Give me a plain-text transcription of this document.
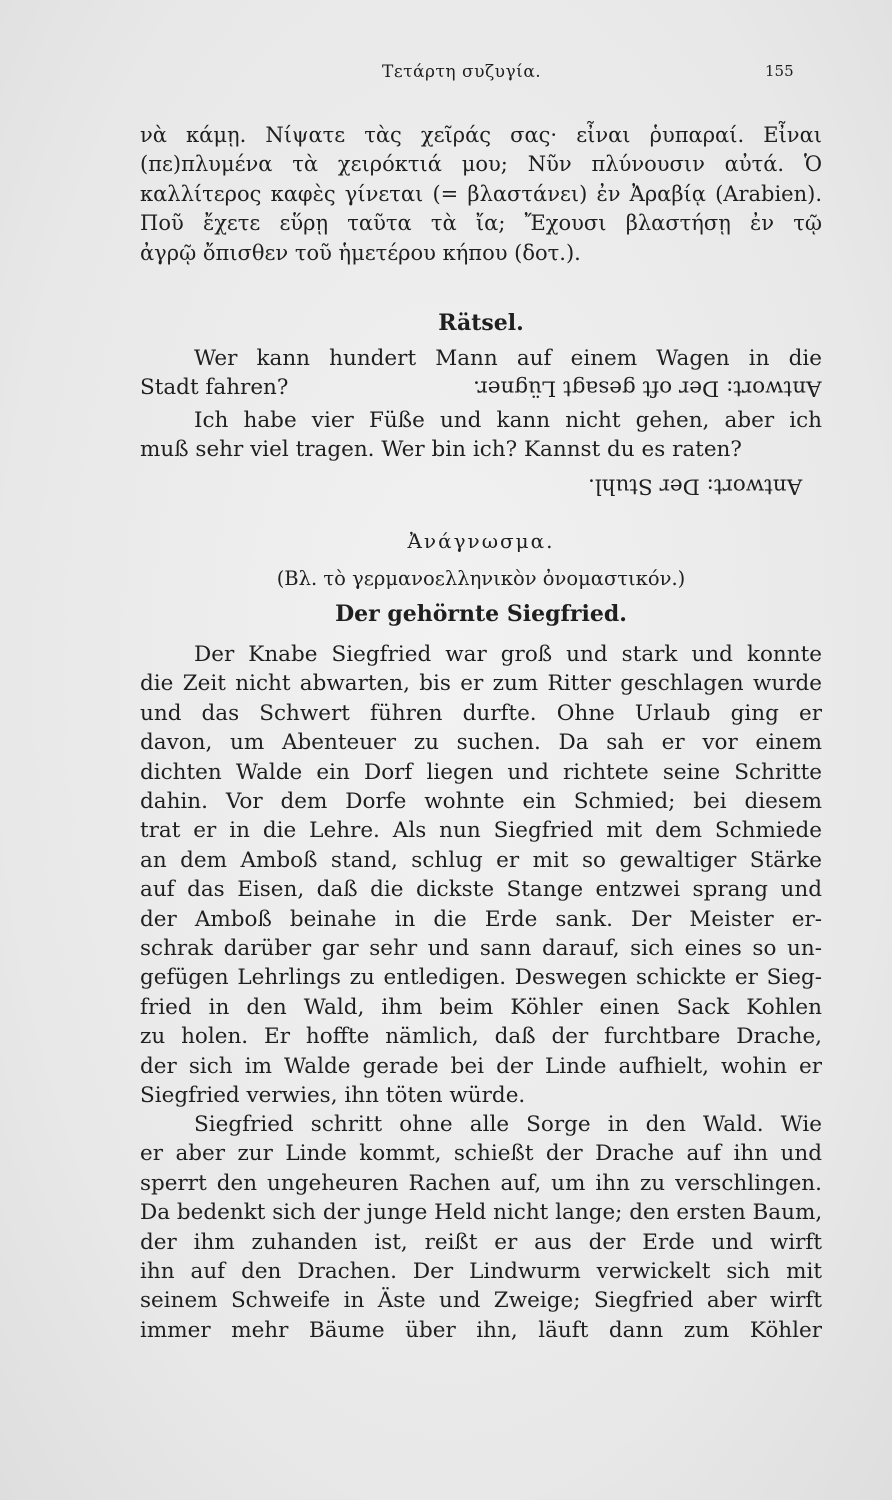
Τετάρτη συζυγία.	155
νὰ κάμῃ. Νίψατε τὰς χεῖράς σας· εἶναι ῥυπαραί. Εἶναι
(πε)πλυμένα τὰ χειρόκτιά μου; Νῦν πλύνουσιν αὐτά. Ὁ
καλλίτερος καφὲς γίνεται (= βλαστάνει) ἐν Ἀραβίᾳ (Arabien).
Ποῦ ἔχετε εὕρῃ ταῦτα τὰ ἴα; Ἔχουσι βλαστήσῃ ἐν τῷ
ἀγρῷ ὄπισθεν τοῦ ἡμετέρου κήπου (δοτ.).
Rätsel.
Wer kann hundert Mann auf einem Wagen in die
Stadt fahren?	Antwort: Der oft gesagt Lügner.
Ich habe vier Füße und kann nicht gehen, aber ich
muß sehr viel tragen. Wer bin ich? Kannst du es raten?
Antwort: Der Stuhl.
Ἀνάγνωσμα.
(Βλ. τὸ γερμανοελληνικὸν ὀνομαστικόν.)
Der gehörnte Siegfried.
Der Knabe Siegfried war groß und stark und konnte
die Zeit nicht abwarten, bis er zum Ritter geschlagen wurde
und das Schwert führen durfte. Ohne Urlaub ging er
davon, um Abenteuer zu suchen. Da sah er vor einem
dichten Walde ein Dorf liegen und richtete seine Schritte
dahin. Vor dem Dorfe wohnte ein Schmied; bei diesem
trat er in die Lehre. Als nun Siegfried mit dem Schmiede
an dem Amboß stand, schlug er mit so gewaltiger Stärke
auf das Eisen, daß die dickste Stange entzwei sprang und
der Amboß beinahe in die Erde sank. Der Meister er-
schrak darüber gar sehr und sann darauf, sich eines so un-
gefügen Lehrlings zu entledigen. Deswegen schickte er Sieg-
fried in den Wald, ihm beim Köhler einen Sack Kohlen
zu holen. Er hoffte nämlich, daß der furchtbare Drache,
der sich im Walde gerade bei der Linde aufhielt, wohin er
Siegfried verwies, ihn töten würde.
Siegfried schritt ohne alle Sorge in den Wald. Wie
er aber zur Linde kommt, schießt der Drache auf ihn und
sperrt den ungeheuren Rachen auf, um ihn zu verschlingen.
Da bedenkt sich der junge Held nicht lange; den ersten Baum,
der ihm zuhanden ist, reißt er aus der Erde und wirft
ihn auf den Drachen. Der Lindwurm verwickelt sich mit
seinem Schweife in Äste und Zweige; Siegfried aber wirft
immer mehr Bäume über ihn, läuft dann zum Köhler
